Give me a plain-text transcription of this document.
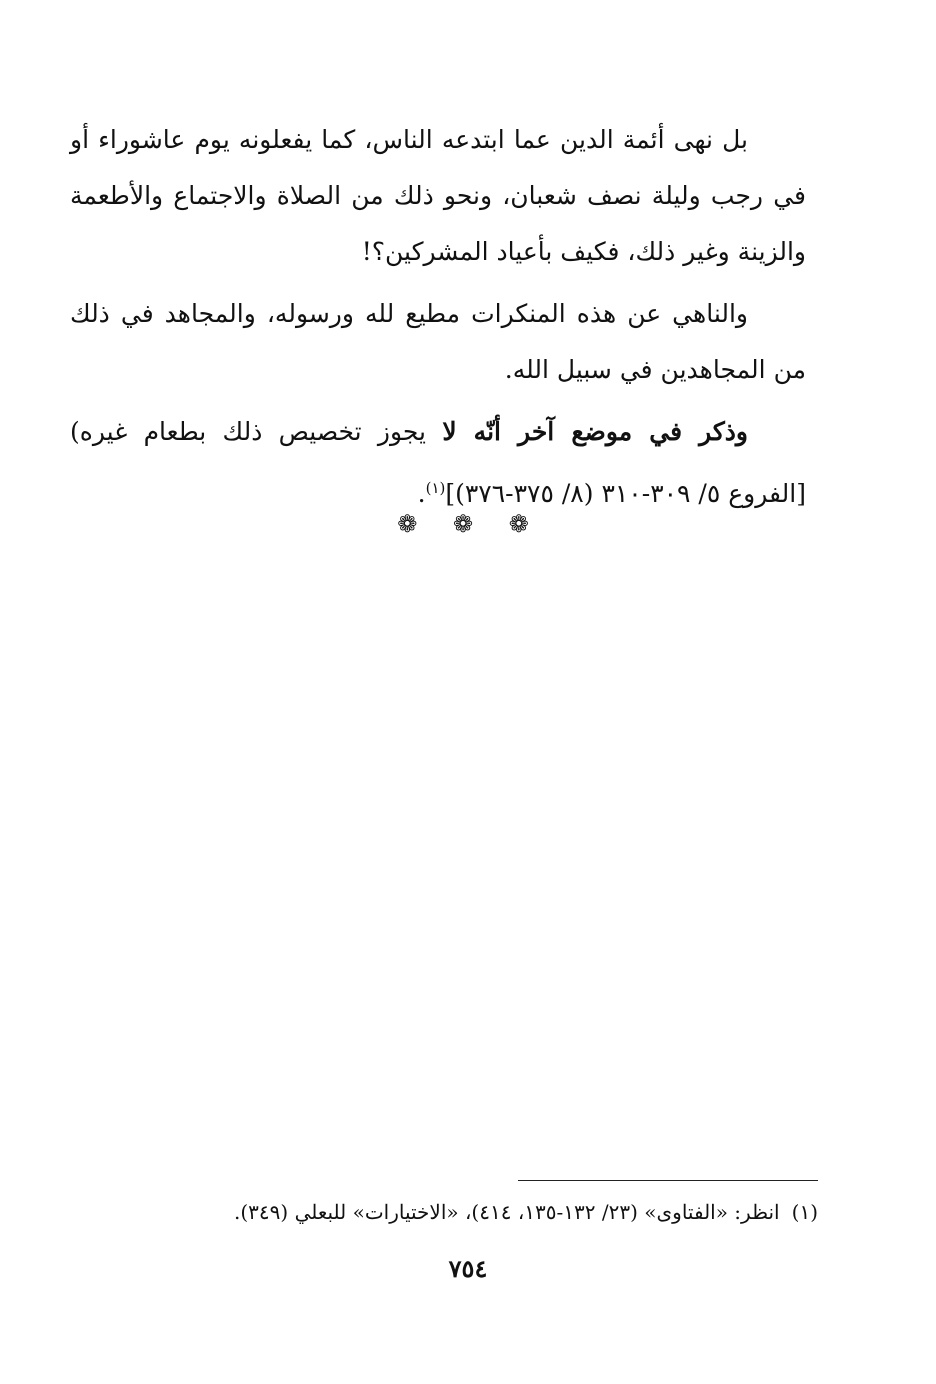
بل نهى أئمة الدين عما ابتدعه الناس، كما يفعلونه يوم عاشوراء أو في رجب وليلة نصف شعبان، ونحو ذلك من الصلاة والاجتماع والأطعمة والزينة وغير ذلك، فكيف بأعياد المشركين؟!

والناهي عن هذه المنكرات مطيع لله ورسوله، والمجاهد في ذلك من المجاهدين في سبيل الله.

وذكر في موضع آخر أنّه لا يجوز تخصيص ذلك بطعام غيره) [الفروع ٥/ ٣٠٩-٣١٠ (٨/ ٣٧٥-٣٧٦)]$^{(١)}$.

❁ ❁ ❁
(١)انظر: «الفتاوى» (٢٣/ ١٣٢-١٣٥، ٤١٤)، «الاختيارات» للبعلي (٣٤٩).
٧٥٤
